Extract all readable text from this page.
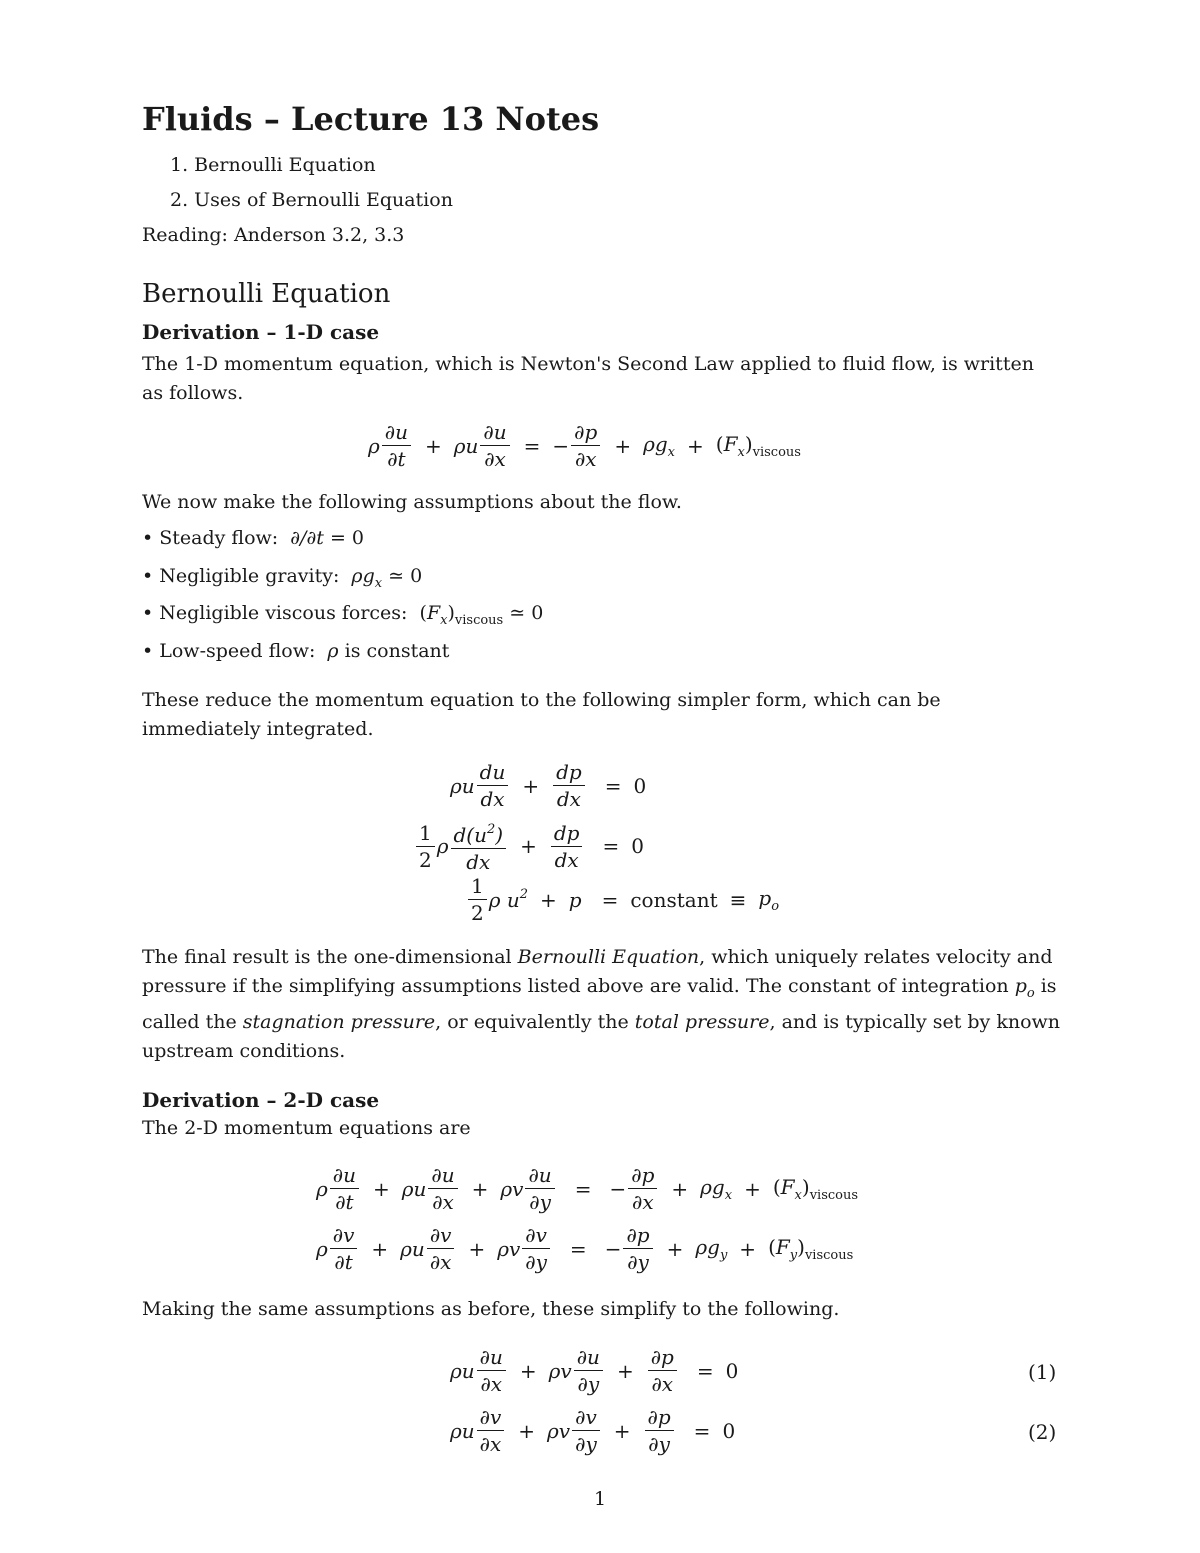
Fluids – Lecture 13 Notes
1. Bernoulli Equation
2. Uses of Bernoulli Equation
Reading: Anderson 3.2, 3.3
Bernoulli Equation
Derivation – 1-D case
The 1-D momentum equation, which is Newton's Second Law applied to fluid flow, is written as follows.
ρ $\frac{\partial u}{\partial t} + \rho u \frac{\partial u}{\partial x}$ = − $\frac{\partial p}{\partial x} + \rho g_x + (F_x)_{viscous}$
We now make the following assumptions about the flow.
• Steady flow: ∂/∂t = 0
• Negligible gravity: $\rho g_x$ ≃ 0
• Negligible viscous forces: $(F_x)_{viscous}$ ≃ 0
• Low-speed flow: ρ is constant
These reduce the momentum equation to the following simpler form, which can be immediately integrated.
ρu $\frac{du}{dx} + \frac{dp}{dx} = 0$
$\frac{1}{2}$ ρ $\frac{d(u^2)}{dx} + \frac{dp}{dx} = 0$
$\frac{1}{2}$ ρ $u^2 + p$ = constant ≡ $p_o$
The final result is the one-dimensional Bernoulli Equation, which uniquely relates velocity and pressure if the simplifying assumptions listed above are valid. The constant of integration $p_o$ is called the stagnation pressure, or equivalently the total pressure, and is typically set by known upstream conditions.
Derivation – 2-D case
The 2-D momentum equations are
ρ $\frac{\partial u}{\partial t} + \rho u \frac{\partial u}{\partial x} + \rho v \frac{\partial u}{\partial y}$ = − $\frac{\partial p}{\partial x} + \rho g_x + (F_x)_{viscous}$
ρ $\frac{\partial v}{\partial t} + \rho u \frac{\partial v}{\partial x} + \rho v \frac{\partial v}{\partial y}$ = − $\frac{\partial p}{\partial y} + \rho g_y + (F_y)_{viscous}$
Making the same assumptions as before, these simplify to the following.
ρu $\frac{\partial u}{\partial x} + \rho v \frac{\partial u}{\partial y} + \frac{\partial p}{\partial x} = 0$	(1)
ρu $\frac{\partial v}{\partial x} + \rho v \frac{\partial v}{\partial y} + \frac{\partial p}{\partial y} = 0$	(2)
1
